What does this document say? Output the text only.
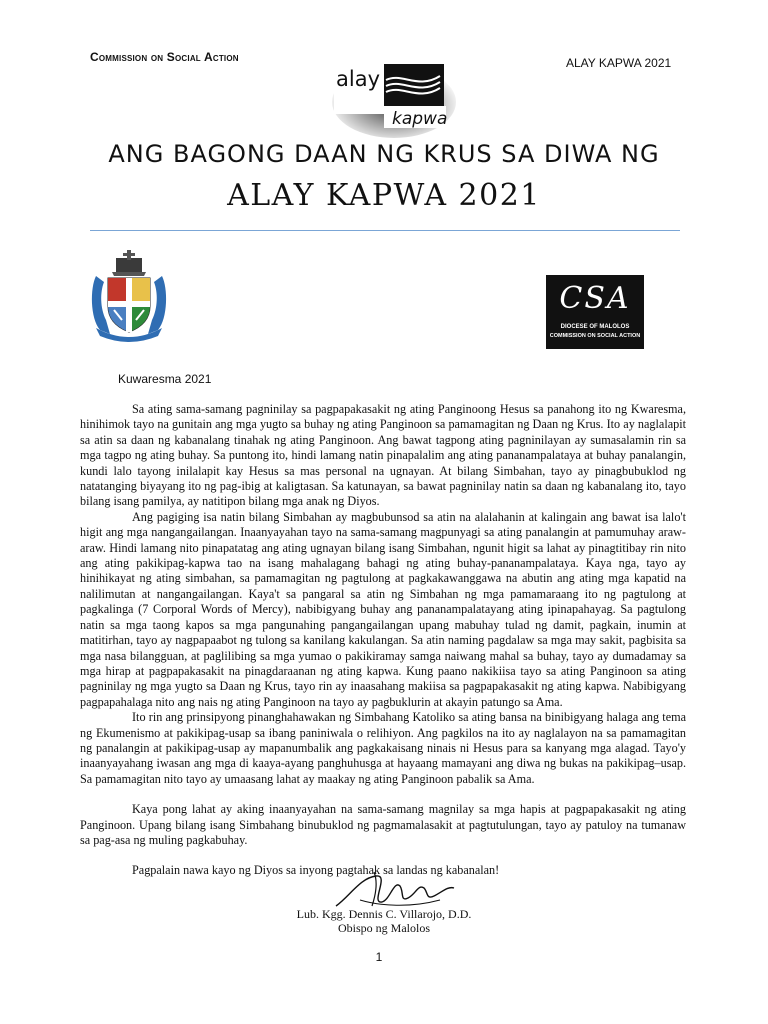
Commission on Social Action
alay
kapwa
ALAY KAPWA 2021
ANG BAGONG DAAN NG KRUS SA DIWA NG
ALAY KAPWA 2021
CSA
DIOCESE OF MALOLOS
COMMISSION ON SOCIAL ACTION
Kuwaresma 2021

Sa ating sama-samang pagninilay sa pagpapakasakit ng ating Panginoong Hesus sa panahong ito ng Kwaresma, hinihimok tayo na gunitain ang mga yugto sa buhay ng ating Panginoon sa pamamagitan ng Daan ng Krus. Ito ay naglalapit sa atin sa daan ng kabanalang tinahak ng ating Panginoon. Ang bawat tagpong ating pagninilayan ay sumasalamin rin sa mga tagpo ng ating buhay. Sa puntong ito, hindi lamang natin pinapalalim ang ating pananampalataya at buhay panalangin, kundi lalo tayong inilalapit kay Hesus sa mas personal na ugnayan. At bilang Simbahan, tayo ay pinagbubuklod ng natatanging biyayang ito ng pag-ibig at kaligtasan. Sa katunayan, sa bawat pagninilay natin sa daan ng kabanalang ito, tayo bilang isang pamilya, ay natitipon bilang mga anak ng Diyos.

Ang pagiging isa natin bilang Simbahan ay magbubunsod sa atin na alalahanin at kalingain ang bawat isa lalo't higit ang mga nangangailangan. Inaanyayahan tayo na sama-samang magpunyagi sa ating panalangin at pamumuhay araw-araw. Hindi lamang nito pinapatatag ang ating ugnayan bilang isang Simbahan, ngunit higit sa lahat ay pinagtitibay rin nito ang ating pakikipag-kapwa tao na isang mahalagang bahagi ng ating buhay-pananampalataya. Kaya nga, tayo ay hinihikayat ng ating simbahan, sa pamamagitan ng pagtulong at pagkakawanggawa na abutin ang ating mga kapatid na nalilimutan at nangangailangan. Kaya't sa pangaral sa atin ng Simbahan ng mga pamamaraang ito ng pagtulong at pagkalinga (7 Corporal Words of Mercy), nabibigyang buhay ang pananampalatayang ating ipinapahayag. Sa pagtulong natin sa mga taong kapos sa mga pangunahing pangangailangan upang mabuhay tulad ng damit, pagkain, inumin at matitirhan, tayo ay nagpapaabot ng tulong sa kanilang kakulangan. Sa atin naming pagdalaw sa mga may sakit, pagbisita sa mga nasa bilangguan, at paglilibing sa mga yumao o pakikiramay samga naiwang mahal sa buhay, tayo ay dumadamay sa mga hirap at pagpapakasakit na pinagdaraanan ng ating kapwa. Kung paano nakikiisa tayo sa ating Panginoon sa ating pagninilay ng mga yugto sa Daan ng Krus, tayo rin ay inaasahang makiisa sa pagpapakasakit ng ating kapwa. Nabibigyang pagpapahalaga nito ang nais ng ating Panginoon na tayo ay pagbuklurin at akayin patungo sa Ama.

Ito rin ang prinsipyong pinanghahawakan ng Simbahang Katoliko sa ating bansa na binibigyang halaga ang tema ng Ekumenismo at pakikipag-usap sa ibang paniniwala o relihiyon. Ang pagkilos na ito ay naglalayon na sa pamamagitan ng panalangin at pakikipag-usap ay mapanumbalik ang pagkakaisang ninais ni Hesus para sa kanyang mga alagad. Tayo'y inaanyayahang iwasan ang mga di kaaya-ayang panghuhusga at hayaang mamayani ang diwa ng bukas na pakikipag–usap. Sa pamamagitan nito tayo ay umaasang lahat ay maakay ng ating Panginoon pabalik sa Ama.

Kaya pong lahat ay aking inaanyayahan na sama-samang magnilay sa mga hapis at pagpapakasakit ng ating Panginoon. Upang bilang isang Simbahang binubuklod ng pagmamalasakit at pagtutulungan, tayo ay patuloy na tumanaw sa pag-asa ng muling pagkabuhay.

Pagpalain nawa kayo ng Diyos sa inyong pagtahak sa landas ng kabanalan!

Lub. Kgg. Dennis C. Villarojo, D.D.
Obispo ng Malolos
1
